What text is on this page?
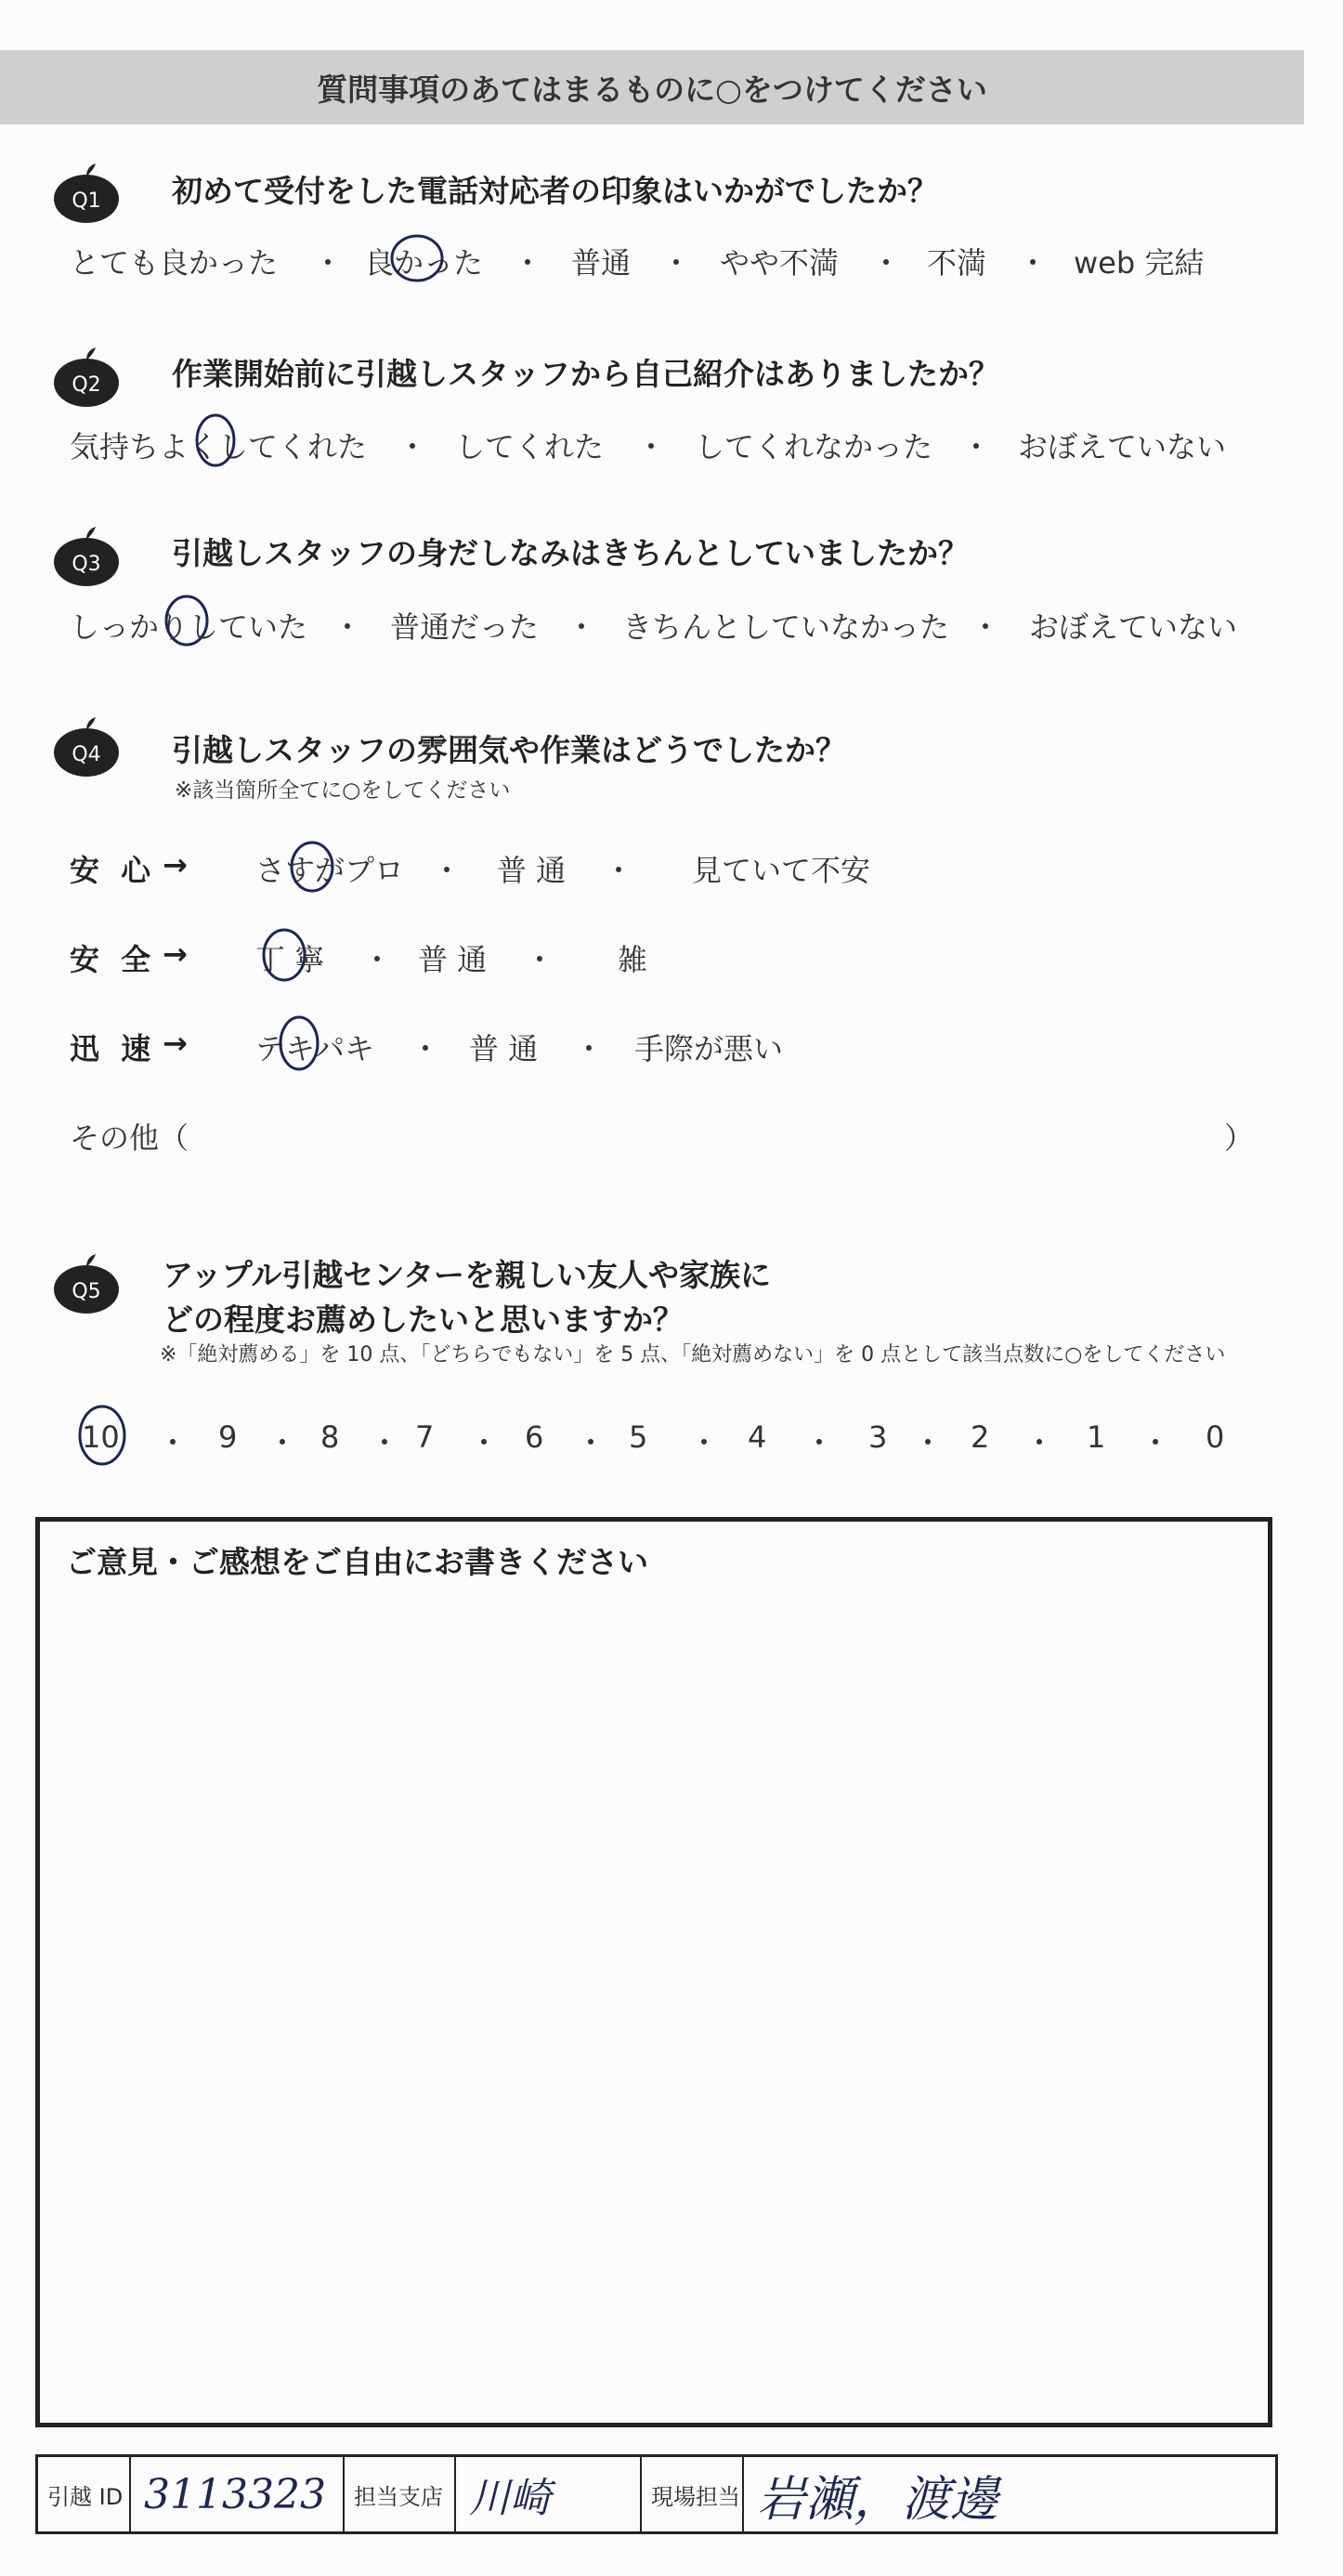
質問事項のあてはまるものに○をつけてください
Q1 初めて受付をした電話対応者の印象はいかがでしたか？
とても良かった ・ 良かった ・ 普通 ・ やや不満 ・ 不満 ・ web 完結
Q2 作業開始前に引越しスタッフから自己紹介はありましたか？
気持ちよくしてくれた ・ してくれた ・ してくれなかった ・ おぼえていない
Q3 引越しスタッフの身だしなみはきちんとしていましたか？
しっかりしていた ・ 普通だった ・ きちんとしていなかった ・ おぼえていない
Q4 引越しスタッフの雰囲気や作業はどうでしたか？
※該当箇所全てに○をしてください
安 心 → さすがプロ ・ 普 通 ・ 見ていて不安
安 全 → 丁 寧 ・ 普 通 ・ 雑
迅 速 → テキパキ ・ 普 通 ・ 手際が悪い
その他（	）
Q5 アップル引越センターを親しい友人や家族に
どの程度お薦めしたいと思いますか？
※「絶対薦める」を 10 点、「どちらでもない」を 5 点、「絶対薦めない」を 0 点として該当点数に○をしてください
10 ・ 9 ・ 8 ・ 7 ・ 6 ・ 5 ・ 4 ・ 3 ・ 2 ・ 1 ・ 0
ご意見・ご感想をご自由にお書きください
引越 ID 3113323	担当支店 川崎	現場担当 岩瀬，渡邊
